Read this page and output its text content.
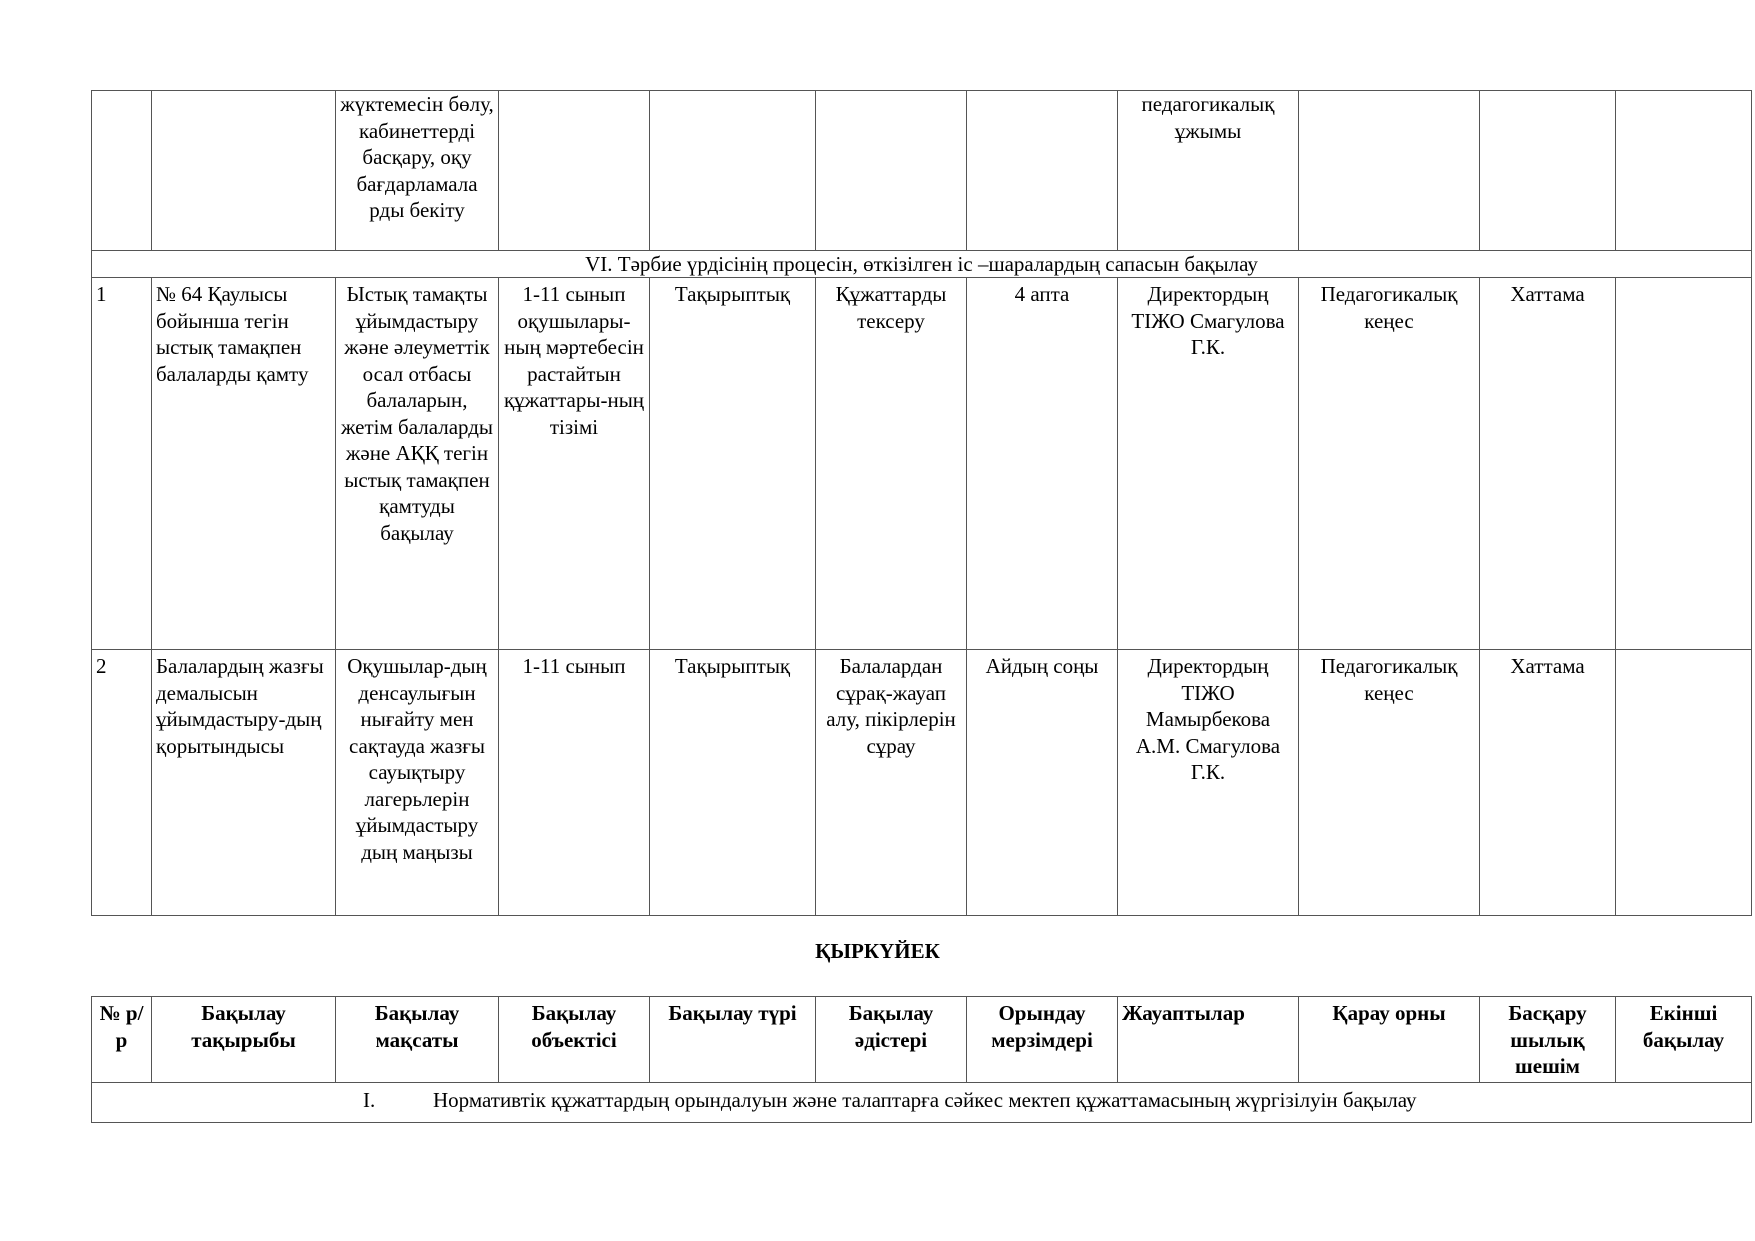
		жүктемесін бөлу, кабинеттерді басқару, оқу бағдарламала рды бекіту					педагогикалық ұжымы			
VI. Тәрбие үрдісінің процесін, өткізілген іс –шаралардың сапасын бақылау										
1	№ 64 Қаулысы бойынша тегін ыстық тамақпен балаларды қамту	Ыстық тамақты ұйымдастыру және әлеуметтік осал отбасы балаларын, жетім балаларды және АҚҚ тегін ыстық тамақпен қамтуды бақылау	1-11 сынып оқушылары-ның мәртебесін растайтын құжаттары-ның тізімі	Тақырыптық	Құжаттарды тексеру	4 апта	Директордың ТІЖО Смагулова Г.К.	Педагогикалық кеңес	Хаттама	
2	Балалардың жазғы демалысын ұйымдастыру-дың қорытындысы	Оқушылар-дың денсаулығын нығайту мен сақтауда жазғы сауықтыру лагерьлерін ұйымдастыру дың маңызы	1-11 сынып	Тақырыптық	Балалардан сұрақ-жауап алу, пікірлерін сұрау	Айдың соңы	Директордың ТІЖО Мамырбекова А.М. Смагулова Г.К.	Педагогикалық кеңес	Хаттама	
ҚЫРКҮЙЕК
№ р/р	Бақылау тақырыбы	Бақылау мақсаты	Бақылау объектісі	Бақылау түрі	Бақылау әдістері	Орындау мерзімдері	Жауаптылар	Қарау орны	Басқару шылық шешім	Екінші бақылау
I.	Нормативтік құжаттардың орындалуын және талаптарға сәйкес мектеп құжаттамасының жүргізілуін бақылау
